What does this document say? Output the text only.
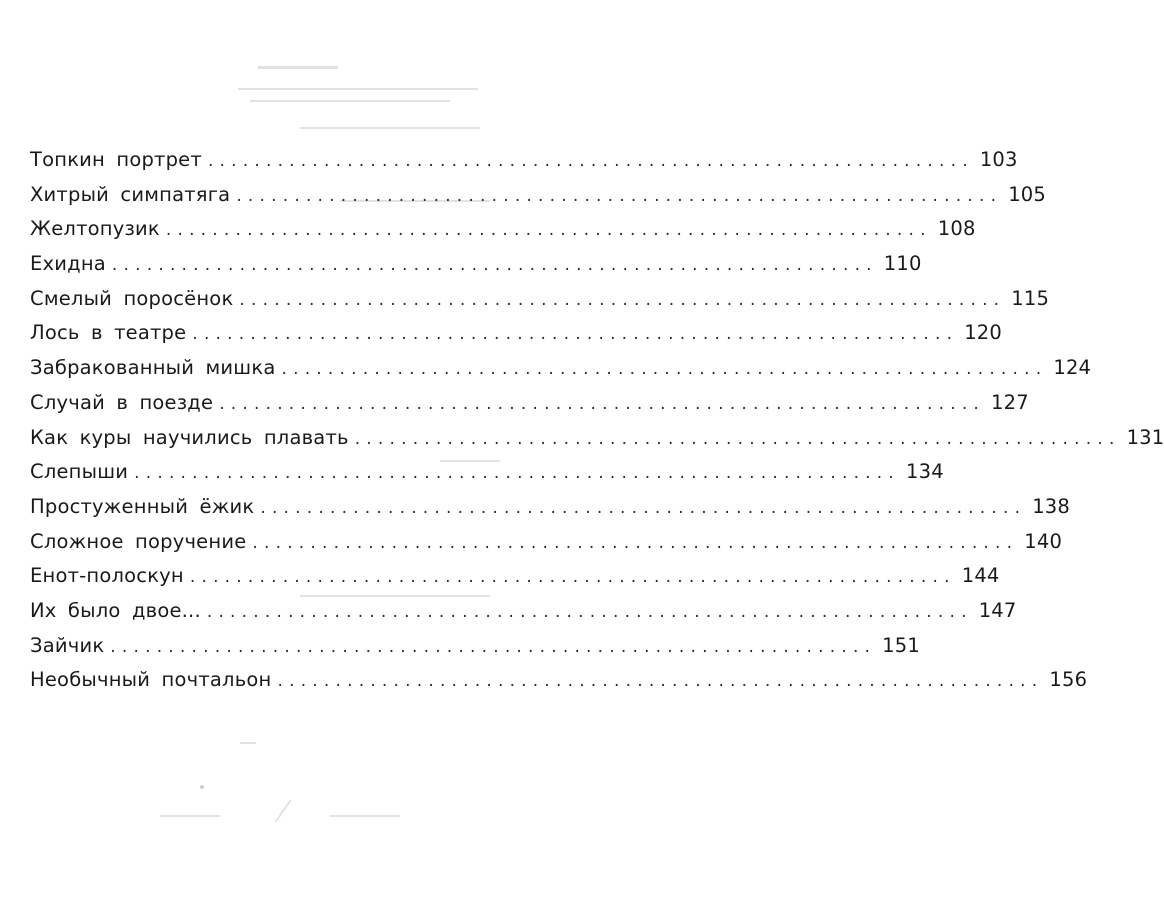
Топкин портрет .................................................................. 103
Хитрый симпатяга .................................................................. 105
Желтопузик .................................................................. 108
Ехидна .................................................................. 110
Смелый поросёнок .................................................................. 115
Лось в театре .................................................................. 120
Забракованный мишка .................................................................. 124
Случай в поезде .................................................................. 127
Как куры научились плавать .................................................................. 131
Слепыши .................................................................. 134
Простуженный ёжик .................................................................. 138
Сложное поручение .................................................................. 140
Енот-полоскун .................................................................. 144
Их было двое... .................................................................. 147
Зайчик .................................................................. 151
Необычный почтальон .................................................................. 156
